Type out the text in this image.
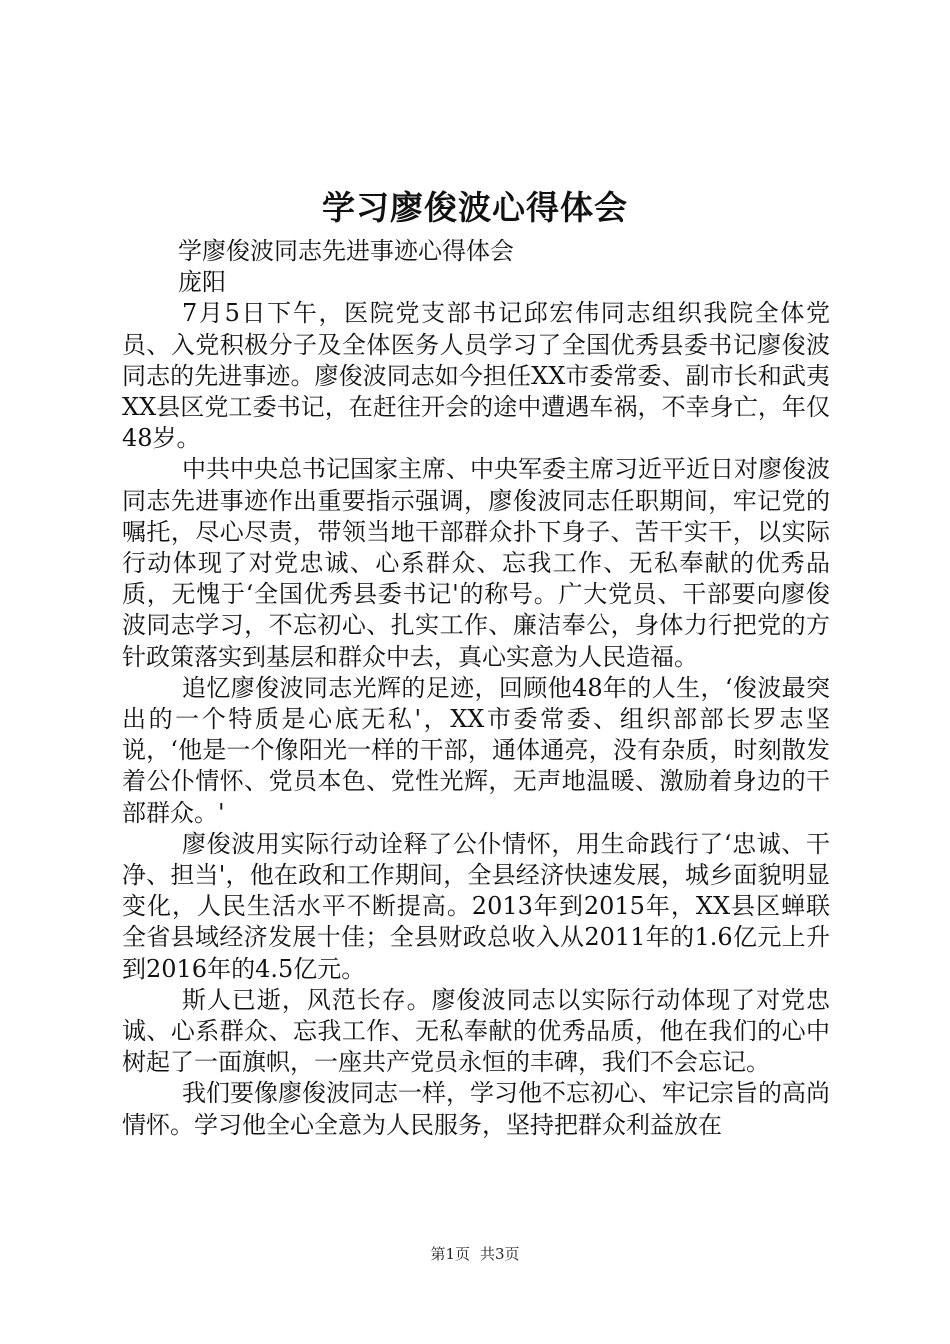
学习廖俊波心得体会
学廖俊波同志先进事迹心得体会
庞阳

7月5日下午，医院党支部书记邱宏伟同志组织我院全体党员、入党积极分子及全体医务人员学习了全国优秀县委书记廖俊波同志的先进事迹。廖俊波同志如今担任XX市委常委、副市长和武夷XX县区党工委书记，在赶往开会的途中遭遇车祸，不幸身亡，年仅48岁。

中共中央总书记国家主席、中央军委主席习近平近日对廖俊波同志先进事迹作出重要指示强调，廖俊波同志任职期间，牢记党的嘱托，尽心尽责，带领当地干部群众扑下身子、苦干实干，以实际行动体现了对党忠诚、心系群众、忘我工作、无私奉献的优秀品质，无愧于‘全国优秀县委书记'的称号。广大党员、干部要向廖俊波同志学习，不忘初心、扎实工作、廉洁奉公，身体力行把党的方针政策落实到基层和群众中去，真心实意为人民造福。

追忆廖俊波同志光辉的足迹，回顾他48年的人生，‘俊波最突出的一个特质是心底无私'，XX市委常委、组织部部长罗志坚说，‘他是一个像阳光一样的干部，通体通亮，没有杂质，时刻散发着公仆情怀、党员本色、党性光辉，无声地温暖、激励着身边的干部群众。'

廖俊波用实际行动诠释了公仆情怀，用生命践行了‘忠诚、干净、担当'，他在政和工作期间，全县经济快速发展，城乡面貌明显变化，人民生活水平不断提高。2013年到2015年，XX县区蝉联全省县域经济发展十佳；全县财政总收入从2011年的1.6亿元上升到2016年的4.5亿元。

斯人已逝，风范长存。廖俊波同志以实际行动体现了对党忠诚、心系群众、忘我工作、无私奉献的优秀品质，他在我们的心中树起了一面旗帜，一座共产党员永恒的丰碑，我们不会忘记。

我们要像廖俊波同志一样，学习他不忘初心、牢记宗旨的高尚情怀。学习他全心全意为人民服务，坚持把群众利益放在

第1页 共3页
